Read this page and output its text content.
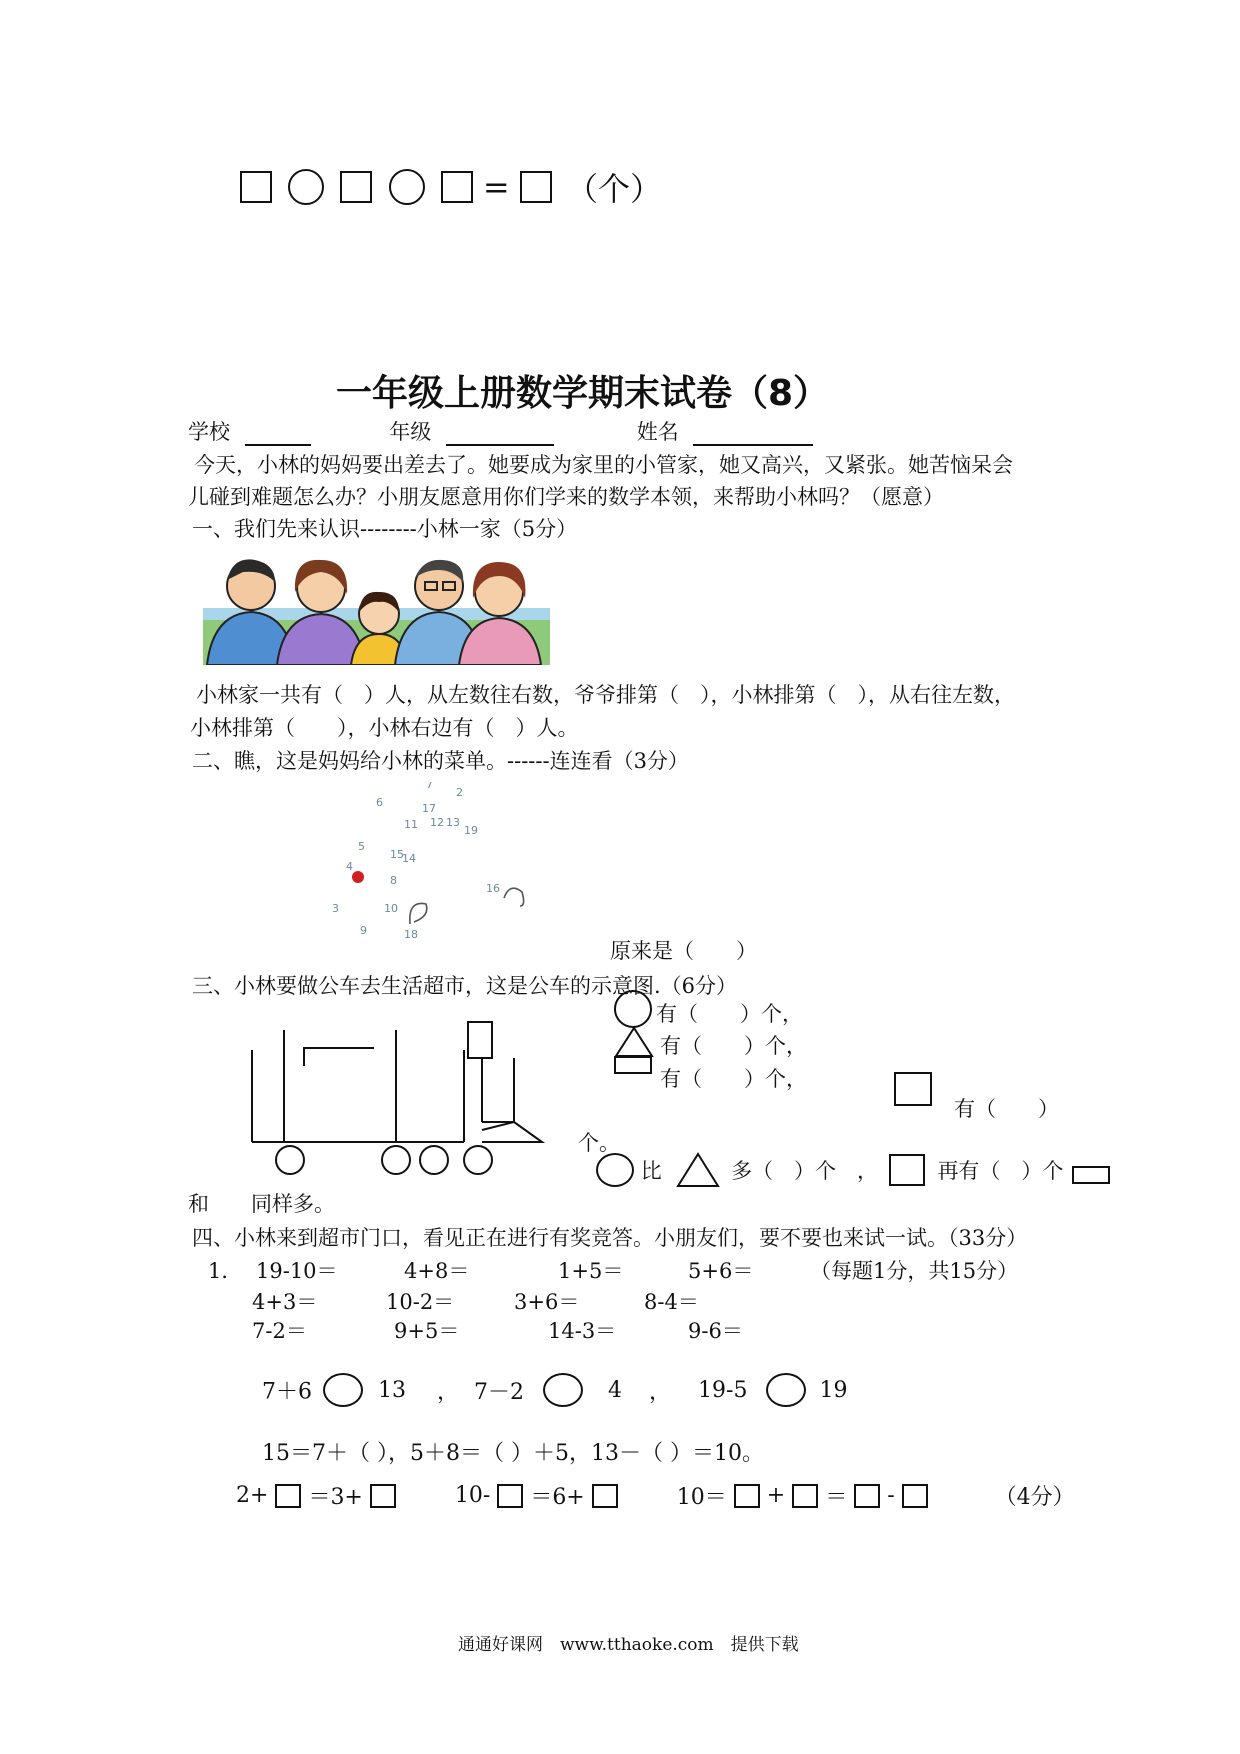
= （个）
一年级上册数学期末试卷（8）
学校	年级	姓名
今天，小林的妈妈要出差去了。她要成为家里的小管家，她又高兴，又紧张。她苦恼呆会
儿碰到难题怎么办？小朋友愿意用你们学来的数学本领，来帮助小林吗？（愿意）
一、我们先来认识--------小林一家（5分）
小林家一共有（　）人，从左数往右数，爷爷排第（　），小林排第（　），从右往左数，
小林排第（　　），小林右边有（　）人。
二、瞧，这是妈妈给小林的菜单。------连连看（3分）
6
7
2
17
12 13
11	19
5
15
14
4
8
10
3
16
9	18
原来是（　　）
三、小林要做公车去生活超市，这是公车的示意图.（6分）
有（　　）个，
有（　　）个，
有（　　）个，
有（　　）
个。
比	多（　）个　，	再有（　）个
和　　同样多。
四、小林来到超市门口，看见正在进行有奖竞答。小朋友们，要不要也来试一试。（33分）
1．	（每题1分，共15分）
19-10＝	4+8＝	1+5＝	5+6＝
4+3＝	10-2＝	3+6＝	8-4＝
7-2＝	9+5＝	14-3＝	9-6＝
7＋6	13 ， 7－2	4 ， 19-5	19
15＝7＋（ ），5＋8＝（ ）＋5，13－（ ）＝10。
2+ ＝3+	10- ＝6+	10＝ + ＝ -	（4分）
通通好课网　www.tthaoke.com　提供下载
